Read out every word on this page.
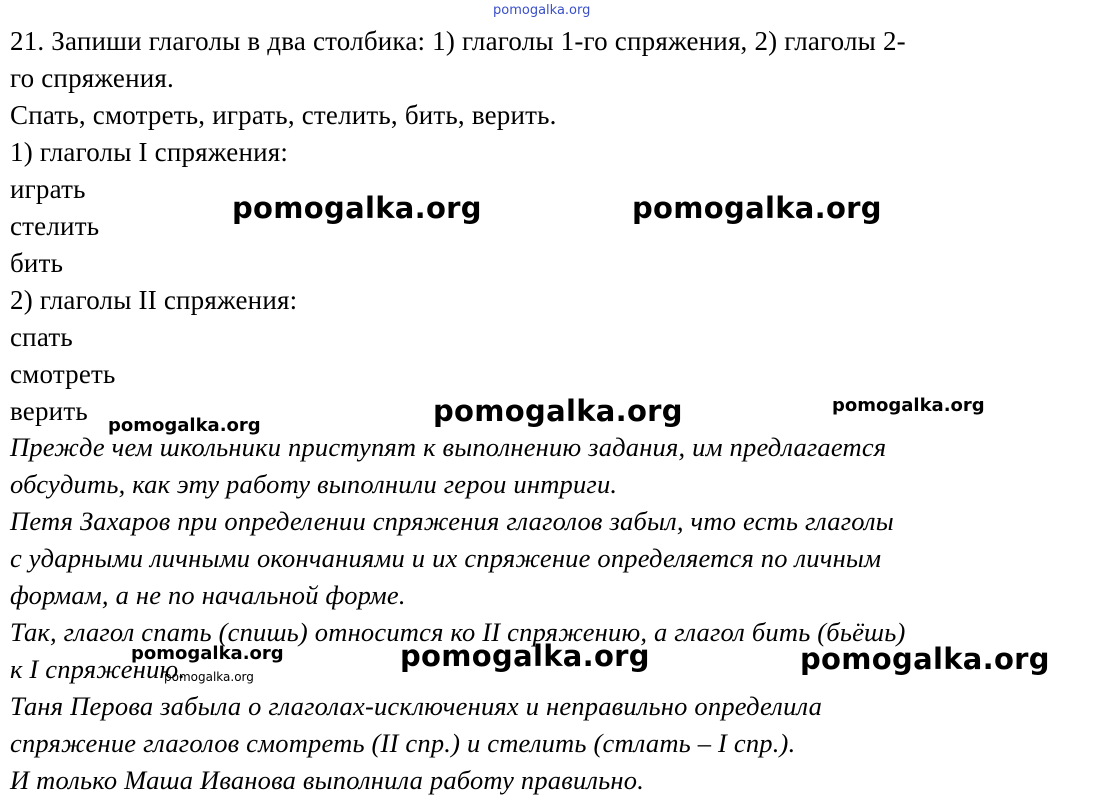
pomogalka.org
21. Запиши глаголы в два столбика: 1) глаголы 1-го спряжения, 2) глаголы 2-
го спряжения.
Спать, смотреть, играть, стелить, бить, верить.
1) глаголы I спряжения:
играть
стелить
бить
2) глаголы II спряжения:
спать
смотреть
верить
Прежде чем школьники приступят к выполнению задания, им предлагается
обсудить, как эту работу выполнили герои интриги.
Петя Захаров при определении спряжения глаголов забыл, что есть глаголы
с ударными личными окончаниями и их спряжение определяется по личным
формам, а не по начальной форме.
Так, глагол спать (спишь) относится ко II спряжению, а глагол бить (бьёшь)
к I спряжению.
Таня Перова забыла о глаголах-исключениях и неправильно определила
спряжение глаголов смотреть (II спр.) и стелить (стлать – I спр.).
И только Маша Иванова выполнила работу правильно.
pomogalka.org	pomogalka.org
pomogalka.org	pomogalka.org	pomogalka.org
pomogalka.org
pomogalka.org	pomogalka.org	pomogalka.org
